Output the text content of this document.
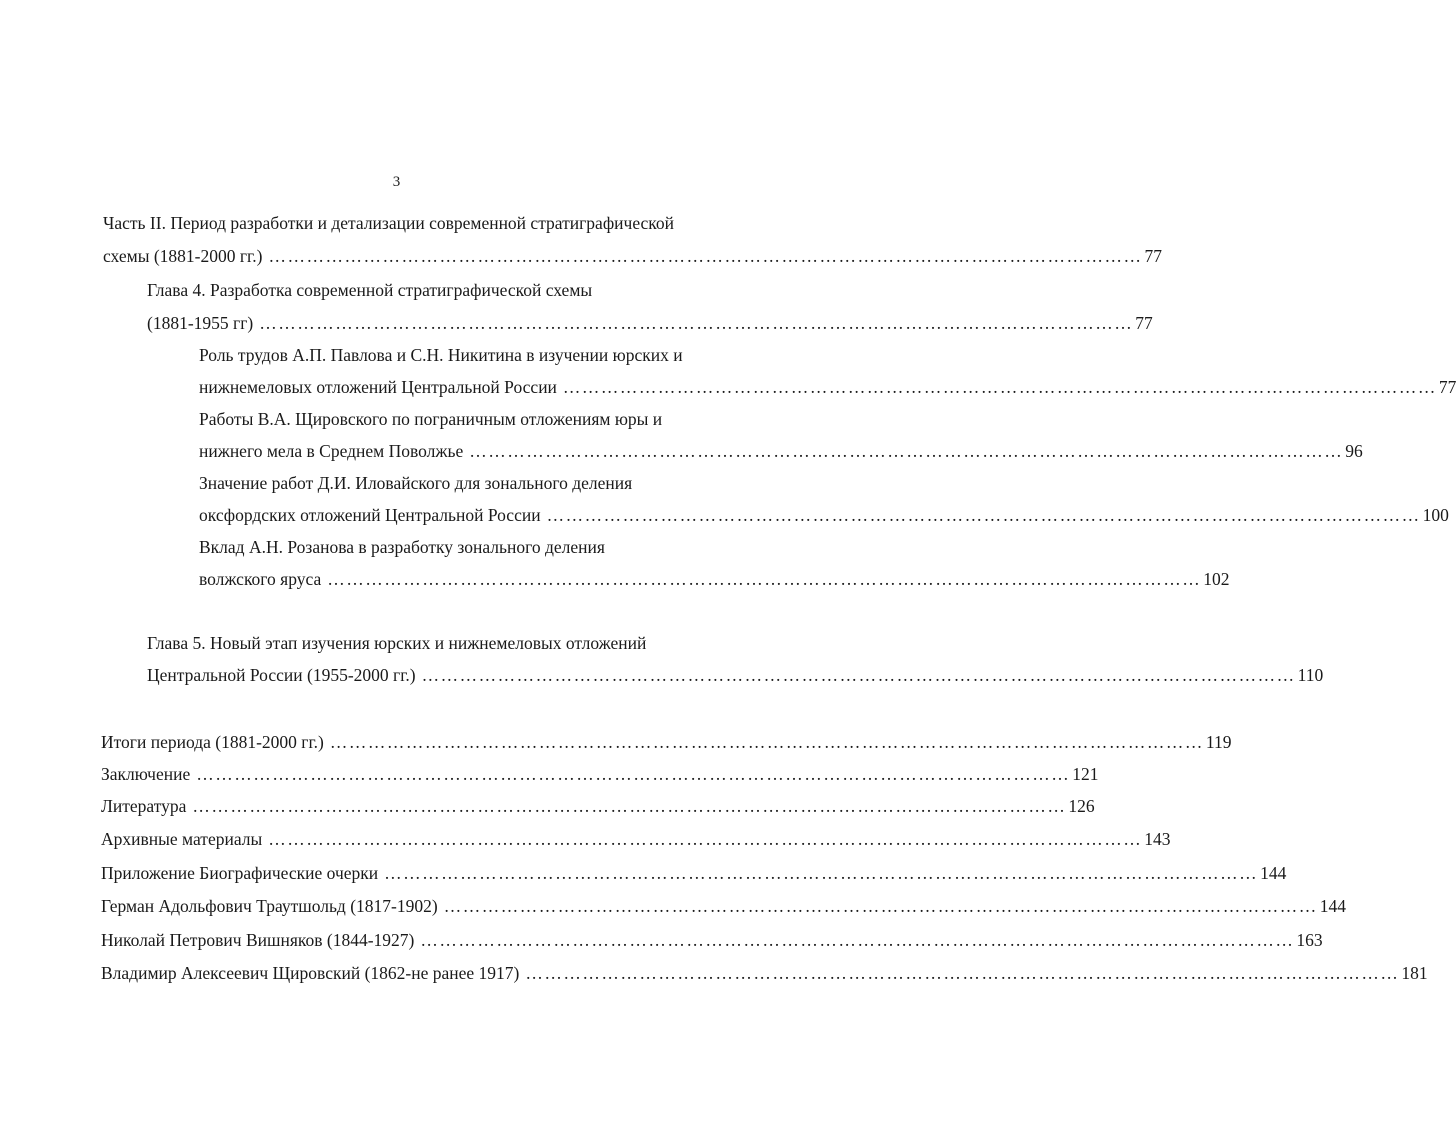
3
Часть II. Период разработки и детализации современной стратиграфической
схемы (1881-2000 гг.) ………………………………………………………………………………………………………………………… 77
Глава 4. Разработка современной стратиграфической схемы
(1881-1955 гг) ………………………………………………………………………………………………………………………… 77
Роль трудов А.П. Павлова и С.Н. Никитина в изучении юрских и
нижнемеловых отложений Центральной России ………………………………………………………………………………………………………………………… 77
Работы В.А. Щировского по пограничным отложениям юры и
нижнего мела в Среднем Поволжье ………………………………………………………………………………………………………………………… 96
Значение работ Д.И. Иловайского для зонального деления
оксфордских отложений Центральной России ………………………………………………………………………………………………………………………… 100
Вклад А.Н. Розанова в разработку зонального деления
волжского яруса ………………………………………………………………………………………………………………………… 102
Глава 5. Новый этап изучения юрских и нижнемеловых отложений
Центральной России (1955-2000 гг.) ………………………………………………………………………………………………………………………… 110
Итоги периода (1881-2000 гг.) ………………………………………………………………………………………………………………………… 119
Заключение ………………………………………………………………………………………………………………………… 121
Литература ………………………………………………………………………………………………………………………… 126
Архивные материалы ………………………………………………………………………………………………………………………… 143
Приложение Биографические очерки ………………………………………………………………………………………………………………………… 144
Герман Адольфович Траутшольд (1817-1902) ………………………………………………………………………………………………………………………… 144
Николай Петрович Вишняков (1844-1927) ………………………………………………………………………………………………………………………… 163
Владимир Алексеевич Щировский (1862-не ранее 1917) ………………………………………………………………………………………………………………………… 181
